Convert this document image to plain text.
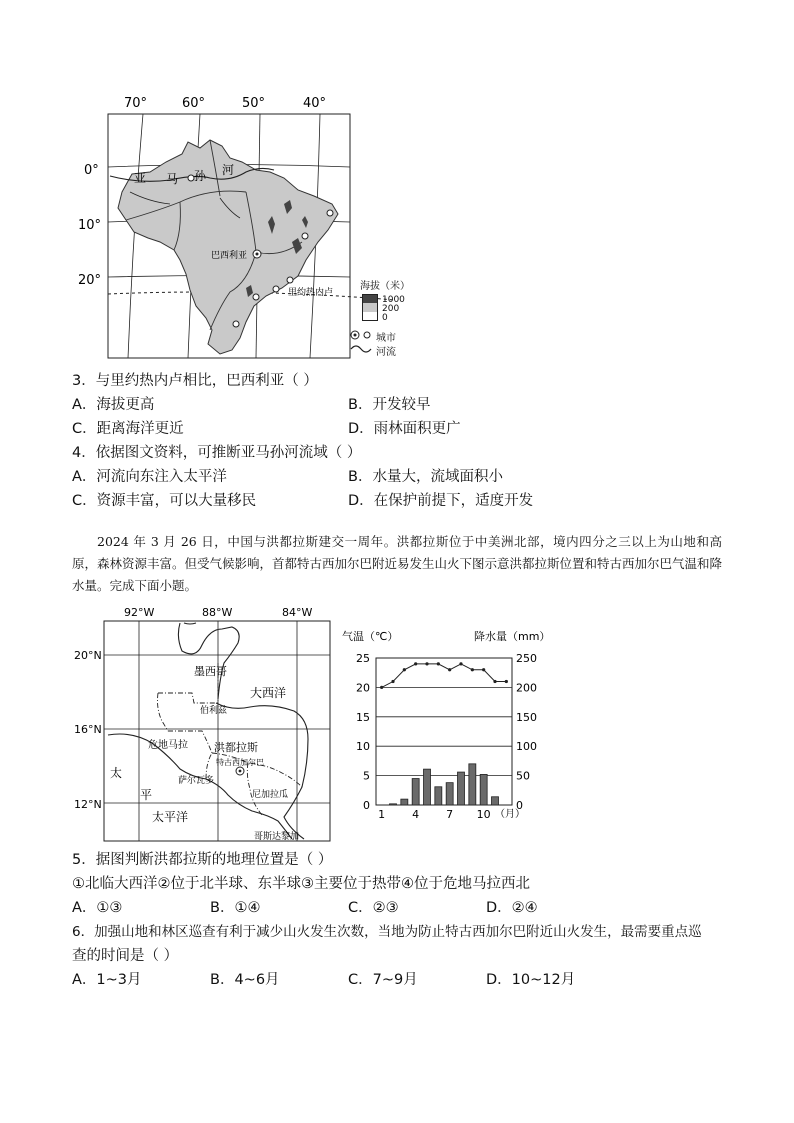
70°	60°	50°	40°
0°
10°
20°
亚 马 孙 河
巴西利亚
里约热内卢
海拔（米）
1000
200
0
城市
河流
3．与里约热内卢相比，巴西利亚（ ）
A．海拔更高	B．开发较早
C．距离海洋更近	D．雨林面积更广
4．依据图文资料，可推断亚马孙河流域（ ）
A．河流向东注入太平洋	B．水量大，流域面积小
C．资源丰富，可以大量移民	D．在保护前提下，适度开发
2024 年 3 月 26 日，中国与洪都拉斯建交一周年。洪都拉斯位于中美洲北部，境内四分之三以上为山地和高原，森林资源丰富。但受气候影响，首都特古西加尔巴附近易发生山火下图示意洪都拉斯位置和特古西加尔巴气温和降水量。完成下面小题。
92°W	88°W	84°W
20°N
16°N
12°N
墨西哥
大西洋
伯利兹
危地马拉 洪都拉斯
特古西加尔巴
萨尔瓦多
尼加拉瓜
太
平
太平洋
哥斯达黎加
气温（℃）	降水量（mm）
0
5
10
15
20
25
0
50
100
150
200
250
1 4 7 10 （月）
5．据图判断洪都拉斯的地理位置是（ ）
①北临大西洋②位于北半球、东半球③主要位于热带④位于危地马拉西北
A．①③	B．①④	C．②③	D．②④
6．加强山地和林区巡查有利于减少山火发生次数，当地为防止特古西加尔巴附近山火发生，最需要重点巡
查的时间是（ ）
A．1~3月	B．4~6月	C．7~9月	D．10~12月
